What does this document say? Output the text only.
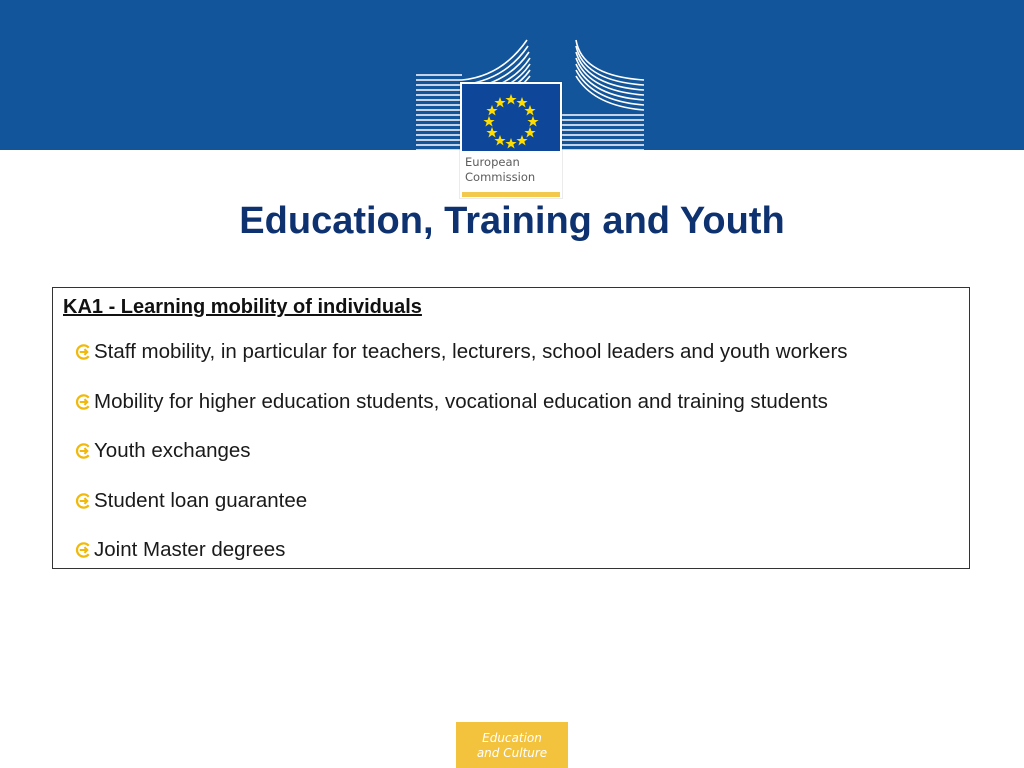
European
Commission
Education, Training and Youth
KA1 - Learning mobility of individuals
Staff mobility, in particular for teachers, lecturers, school leaders and youth workers
Mobility for higher education students, vocational education and training students
Youth exchanges
Student loan guarantee
Joint Master degrees
Education
and Culture
